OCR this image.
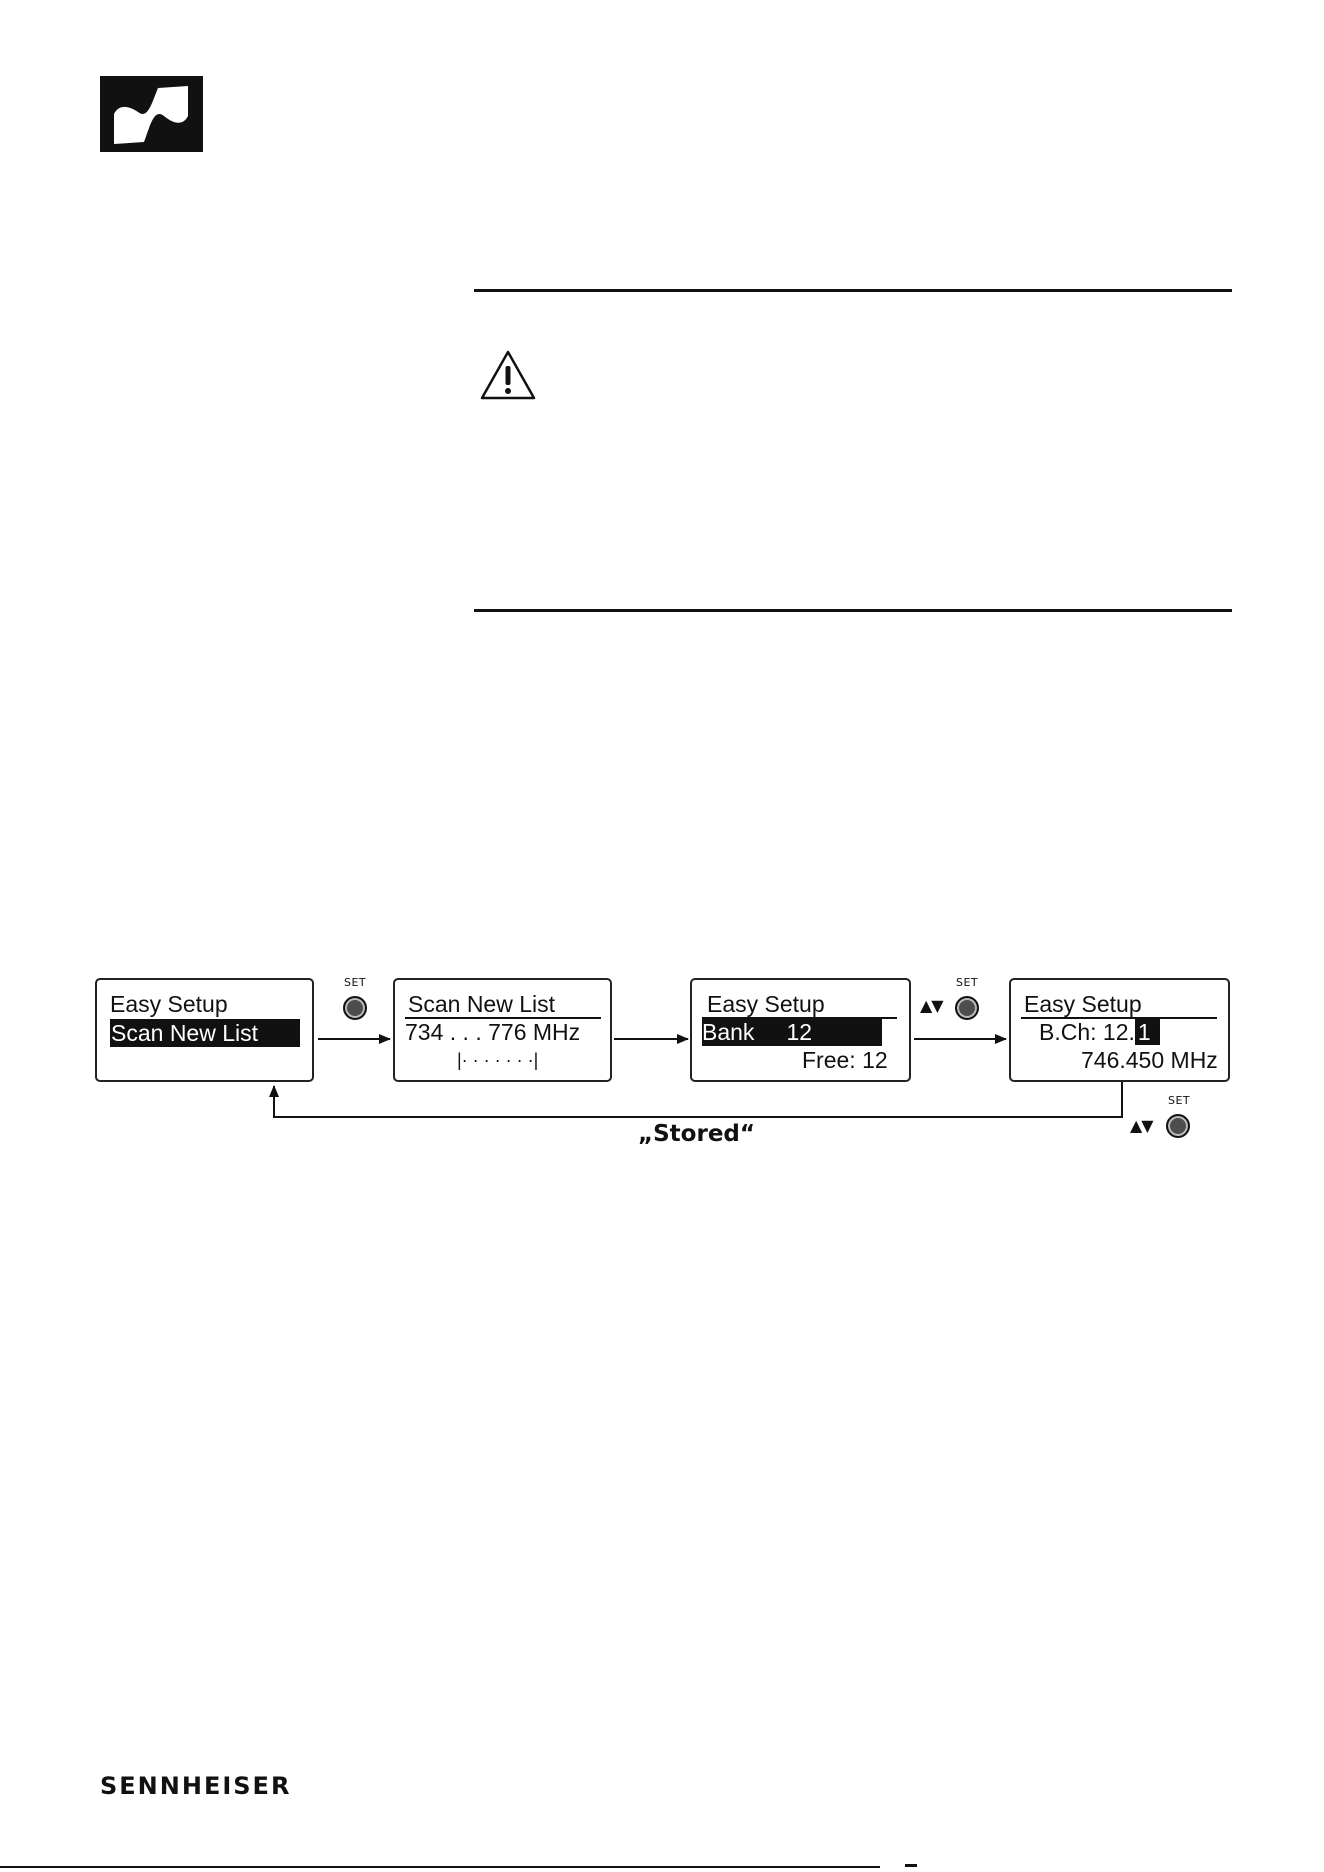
Easy Setup
Scan New List
SET
Scan New List
734 . . . 776 MHz
|· · · · · · ·|
Easy Setup
Bank 12
Free: 12
▲▼
SET
Easy Setup
B.Ch: 12. 1
746.450 MHz
▲▼
SET
„Stored“
SENNHEISER
